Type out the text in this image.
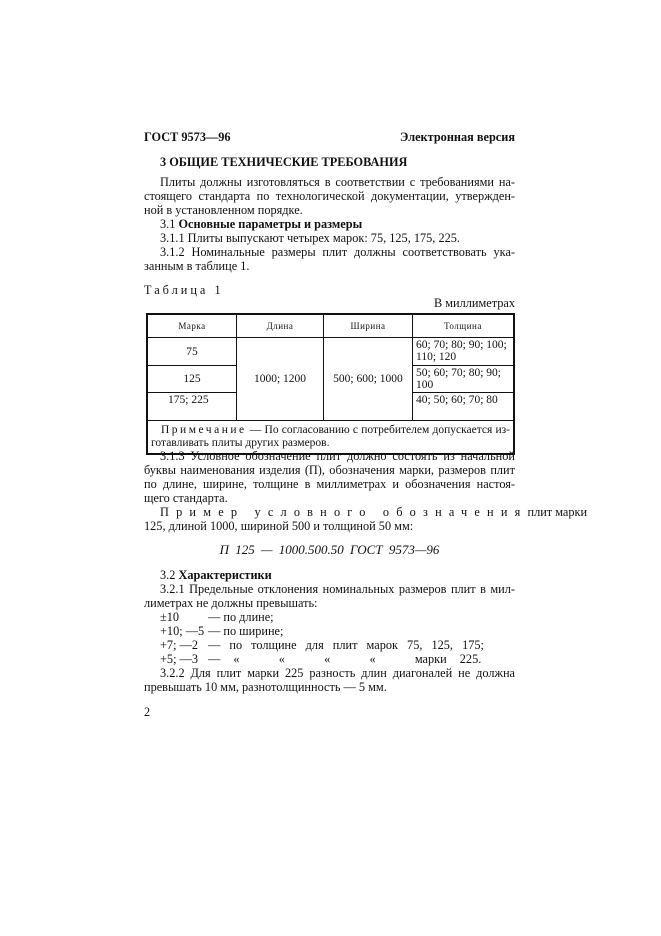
ГОСТ 9573—96	Электронная версия
3 ОБЩИЕ ТЕХНИЧЕСКИЕ ТРЕБОВАНИЯ
Плиты должны изготовляться в соответствии с требованиями на-
стоящего стандарта по технологической документации, утвержден-
ной в установленном порядке.
3.1 Основные параметры и размеры
3.1.1 Плиты выпускают четырех марок: 75, 125, 175, 225.
3.1.2 Номинальные размеры плит должны соответствовать ука-
занным в таблице 1.
Таблица 1
В миллиметрах
Марка	Длина	Ширина	Толщина
75	1000; 1200	500; 600; 1000	60; 70; 80; 90; 100; 110; 120
125			50; 60; 70; 80; 90; 100
175; 225			40; 50; 60; 70; 80

Примечание — По согласованию с потребителем допускается из-
готавливать плиты других размеров.			
3.1.3 Условное обозначение плит должно состоять из начальной
буквы наименования изделия (П), обозначения марки, размеров плит
по длине, ширине, толщине в миллиметрах и обозначения настоя-
щего стандарта.
Пример условного обозначения плит марки
125, длиной 1000, шириной 500 и толщиной 50 мм:
П 125 — 1000.500.50 ГОСТ 9573—96
3.2 Характеристики
3.2.1 Предельные отклонения номинальных размеров плит в мил-
лиметрах не должны превышать:
±10 — по длине;
+10; —5 — по ширине;
+7; —2 — по толщине для плит марок 75, 125, 175;
+5; —3 — «   «   «   «   марки 225.
3.2.2 Для плит марки 225 разность длин диагоналей не должна
превышать 10 мм, разнотолщинность — 5 мм.
2
